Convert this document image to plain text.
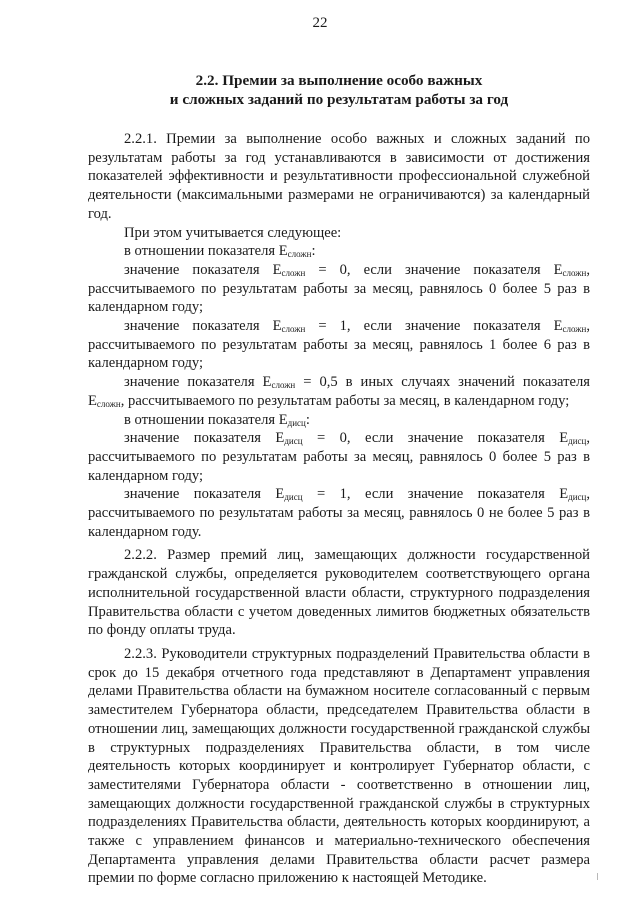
22
2.2. Премии за выполнение особо важных
и сложных заданий по результатам работы за год

2.2.1. Премии за выполнение особо важных и сложных заданий по результатам работы за год устанавливаются в зависимости от достижения показателей эффективности и результативности профессиональной служебной деятельности (максимальными размерами не ограничиваются) за календарный год.

При этом учитывается следующее:

в отношении показателя $E_{сложн}$:

значение показателя $E_{сложн} = 0$, если значение показателя $E_{сложн}$, рассчитываемого по результатам работы за месяц, равнялось 0 более 5 раз в календарном году;

значение показателя $E_{сложн} = 1$, если значение показателя $E_{сложн}$, рассчитываемого по результатам работы за месяц, равнялось 1 более 6 раз в календарном году;

значение показателя $E_{сложн} = 0,5$ в иных случаях значений показателя $E_{сложн}$, рассчитываемого по результатам работы за месяц, в календарном году;

в отношении показателя $E_{дисц}$:

значение показателя $E_{дисц} = 0$, если значение показателя $E_{дисц}$, рассчитываемого по результатам работы за месяц, равнялось 0 более 5 раз в календарном году;

значение показателя $E_{дисц} = 1$, если значение показателя $E_{дисц}$, рассчитываемого по результатам работы за месяц, равнялось 0 не более 5 раз в календарном году.

2.2.2. Размер премий лиц, замещающих должности государственной гражданской службы, определяется руководителем соответствующего органа исполнительной государственной власти области, структурного подразделения Правительства области с учетом доведенных лимитов бюджетных обязательств по фонду оплаты труда.

2.2.3. Руководители структурных подразделений Правительства области в срок до 15 декабря отчетного года представляют в Департамент управления делами Правительства области на бумажном носителе согласованный с первым заместителем Губернатора области, председателем Правительства области в отношении лиц, замещающих должности государственной гражданской службы в структурных подразделениях Правительства области, в том числе деятельность которых координирует и контролирует Губернатор области, с заместителями Губернатора области - соответственно в отношении лиц, замещающих должности государственной гражданской службы в структурных подразделениях Правительства области, деятельность которых координируют, а также с управлением финансов и материально-технического обеспечения Департамента управления делами Правительства области расчет размера премии по форме согласно приложению к настоящей Методике.
